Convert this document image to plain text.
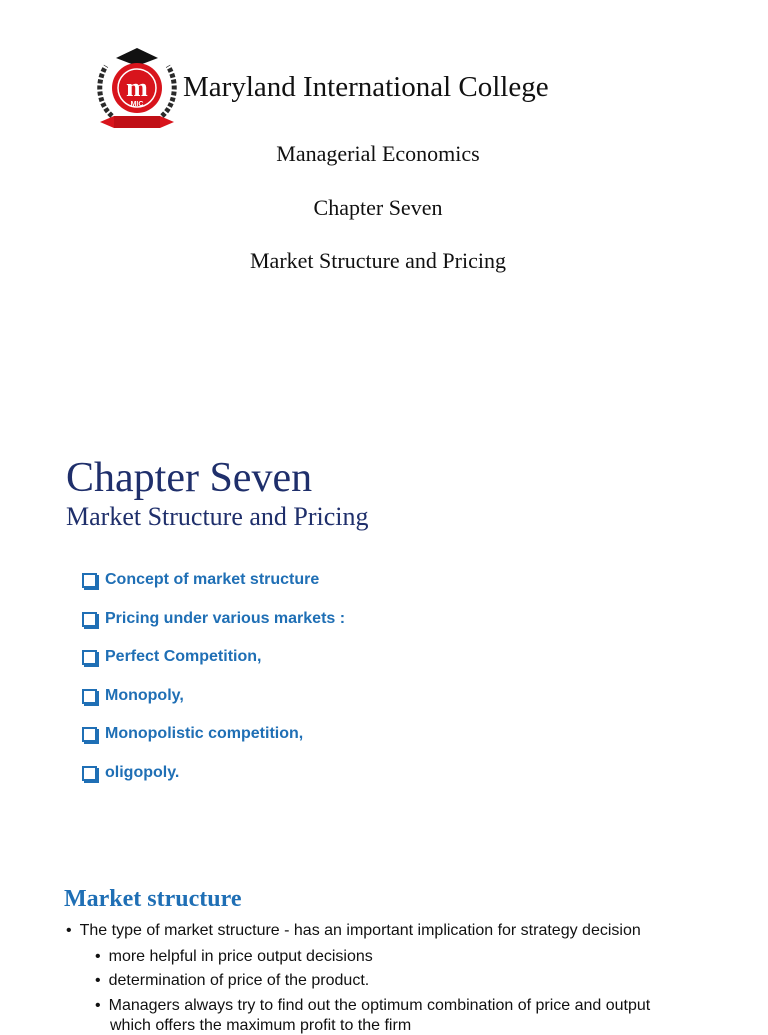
m
MIC
Maryland International College
Managerial Economics
Chapter Seven
Market Structure and Pricing
Chapter Seven
Market Structure and Pricing
Concept of market structure
Pricing under various markets :
Perfect Competition,
Monopoly,
Monopolistic competition,
oligopoly.
Market structure
• The type of market structure - has an important implication for strategy decision
• more helpful in price output decisions
• determination of price of the product.
• Managers always try to find out the optimum combination of price and output
which offers the maximum profit to the firm
